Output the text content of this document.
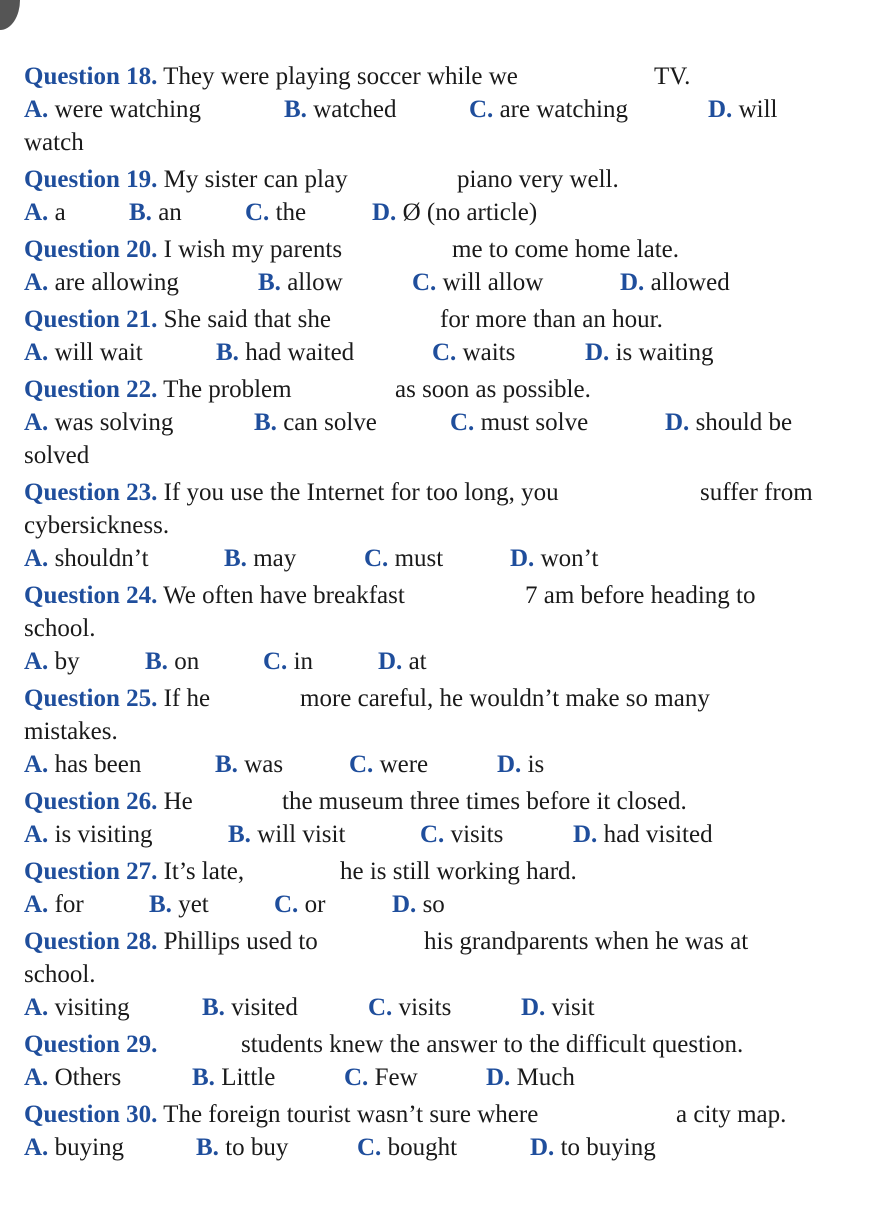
Question 18. They were playing soccer while we	TV.
A. were watching	B. watched	C. are watching	D. will
watch
Question 19. My sister can play	piano very well.
A. a	B. an	C. the	D. Ø (no article)
Question 20. I wish my parents	me to come home late.
A. are allowing	B. allow	C. will allow	D. allowed
Question 21. She said that she	for more than an hour.
A. will wait	B. had waited	C. waits	D. is waiting
Question 22. The problem	as soon as possible.
A. was solving	B. can solve	C. must solve	D. should be
solved
Question 23. If you use the Internet for too long, you	suffer from
cybersickness.
A. shouldn’t	B. may	C. must	D. won’t
Question 24. We often have breakfast	7 am before heading to
school.
A. by	B. on	C. in	D. at
Question 25. If he	more careful, he wouldn’t make so many
mistakes.
A. has been	B. was	C. were	D. is
Question 26. He	the museum three times before it closed.
A. is visiting	B. will visit	C. visits	D. had visited
Question 27. It’s late,	he is still working hard.
A. for	B. yet	C. or	D. so
Question 28. Phillips used to	his grandparents when he was at
school.
A. visiting	B. visited	C. visits	D. visit
Question 29.	students knew the answer to the difficult question.
A. Others	B. Little	C. Few	D. Much
Question 30. The foreign tourist wasn’t sure where	a city map.
A. buying	B. to buy	C. bought	D. to buying
